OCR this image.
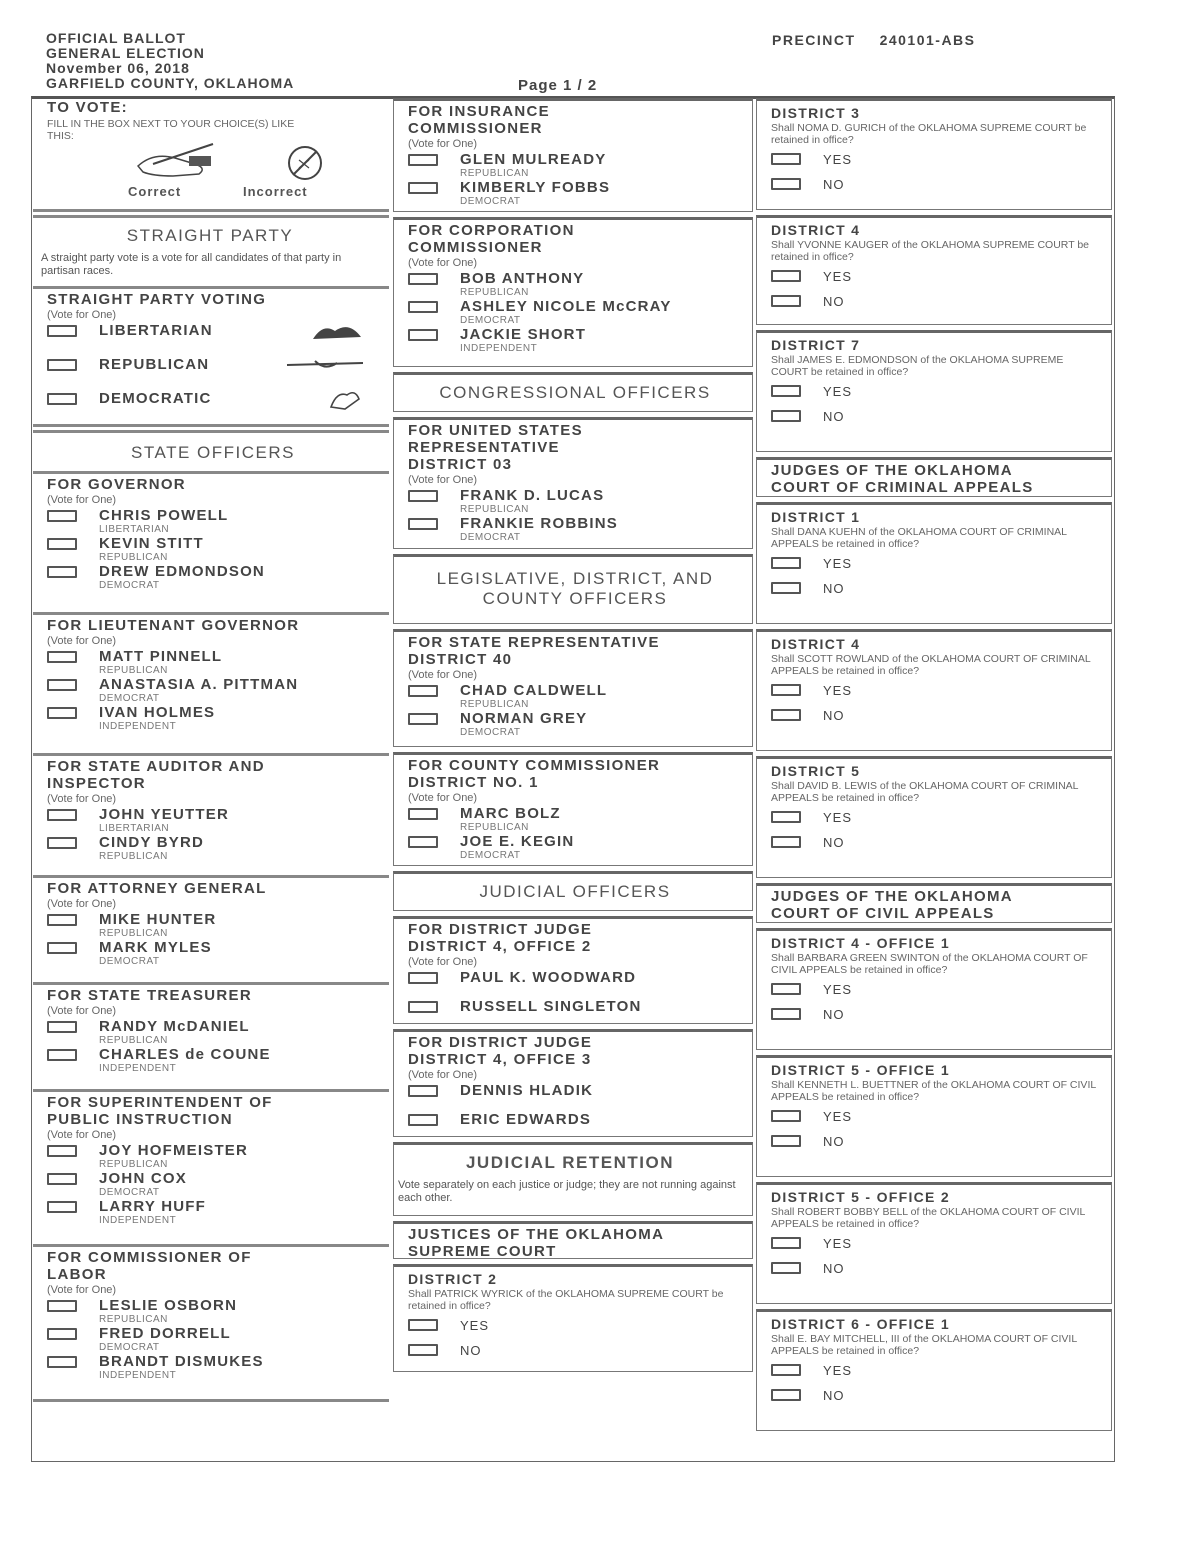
OFFICIAL BALLOT
GENERAL ELECTION
November 06, 2018
GARFIELD COUNTY, OKLAHOMA
PRECINCT 240101-ABS
Page 1 / 2
TO VOTE:
FILL IN THE BOX NEXT TO YOUR CHOICE(S) LIKE THIS:
Correct	Incorrect
STRAIGHT PARTY
A straight party vote is a vote for all candidates of that party in partisan races.
STRAIGHT PARTY VOTING
(Vote for One)
LIBERTARIAN
REPUBLICAN
DEMOCRATIC
STATE OFFICERS
FOR GOVERNOR
(Vote for One)
CHRIS POWELL
LIBERTARIAN
KEVIN STITT
REPUBLICAN
DREW EDMONDSON
DEMOCRAT
FOR LIEUTENANT GOVERNOR
(Vote for One)
MATT PINNELL
REPUBLICAN
ANASTASIA A. PITTMAN
DEMOCRAT
IVAN HOLMES
INDEPENDENT
FOR STATE AUDITOR AND
INSPECTOR
(Vote for One)
JOHN YEUTTER
LIBERTARIAN
CINDY BYRD
REPUBLICAN
FOR ATTORNEY GENERAL
(Vote for One)
MIKE HUNTER
REPUBLICAN
MARK MYLES
DEMOCRAT
FOR STATE TREASURER
(Vote for One)
RANDY McDANIEL
REPUBLICAN
CHARLES de COUNE
INDEPENDENT
FOR SUPERINTENDENT OF
PUBLIC INSTRUCTION
(Vote for One)
JOY HOFMEISTER
REPUBLICAN
JOHN COX
DEMOCRAT
LARRY HUFF
INDEPENDENT
FOR COMMISSIONER OF
LABOR
(Vote for One)
LESLIE OSBORN
REPUBLICAN
FRED DORRELL
DEMOCRAT
BRANDT DISMUKES
INDEPENDENT
FOR INSURANCE
COMMISSIONER
(Vote for One)
GLEN MULREADY
REPUBLICAN
KIMBERLY FOBBS
DEMOCRAT
FOR CORPORATION
COMMISSIONER
(Vote for One)
BOB ANTHONY
REPUBLICAN
ASHLEY NICOLE McCRAY
DEMOCRAT
JACKIE SHORT
INDEPENDENT
CONGRESSIONAL OFFICERS
FOR UNITED STATES
REPRESENTATIVE
DISTRICT 03
(Vote for One)
FRANK D. LUCAS
REPUBLICAN
FRANKIE ROBBINS
DEMOCRAT
LEGISLATIVE, DISTRICT, AND
COUNTY OFFICERS
FOR STATE REPRESENTATIVE
DISTRICT 40
(Vote for One)
CHAD CALDWELL
REPUBLICAN
NORMAN GREY
DEMOCRAT
FOR COUNTY COMMISSIONER
DISTRICT NO. 1
(Vote for One)
MARC BOLZ
REPUBLICAN
JOE E. KEGIN
DEMOCRAT
JUDICIAL OFFICERS
FOR DISTRICT JUDGE
DISTRICT 4, OFFICE 2
(Vote for One)
PAUL K. WOODWARD
RUSSELL SINGLETON
FOR DISTRICT JUDGE
DISTRICT 4, OFFICE 3
(Vote for One)
DENNIS HLADIK
ERIC EDWARDS
JUDICIAL RETENTION
Vote separately on each justice or judge; they are not running against each other.
JUSTICES OF THE OKLAHOMA
SUPREME COURT
DISTRICT 2
Shall PATRICK WYRICK of the OKLAHOMA SUPREME COURT be retained in office?
YES
NO
DISTRICT 3
Shall NOMA D. GURICH of the OKLAHOMA SUPREME COURT be retained in office?
YES
NO
DISTRICT 4
Shall YVONNE KAUGER of the OKLAHOMA SUPREME COURT be retained in office?
YES
NO
DISTRICT 7
Shall JAMES E. EDMONDSON of the OKLAHOMA SUPREME COURT be retained in office?
YES
NO
JUDGES OF THE OKLAHOMA
COURT OF CRIMINAL APPEALS
DISTRICT 1
Shall DANA KUEHN of the OKLAHOMA COURT OF CRIMINAL APPEALS be retained in office?
YES
NO
DISTRICT 4
Shall SCOTT ROWLAND of the OKLAHOMA COURT OF CRIMINAL APPEALS be retained in office?
YES
NO
DISTRICT 5
Shall DAVID B. LEWIS of the OKLAHOMA COURT OF CRIMINAL APPEALS be retained in office?
YES
NO
JUDGES OF THE OKLAHOMA
COURT OF CIVIL APPEALS
DISTRICT 4 - OFFICE 1
Shall BARBARA GREEN SWINTON of the OKLAHOMA COURT OF CIVIL APPEALS be retained in office?
YES
NO
DISTRICT 5 - OFFICE 1
Shall KENNETH L. BUETTNER of the OKLAHOMA COURT OF CIVIL APPEALS be retained in office?
YES
NO
DISTRICT 5 - OFFICE 2
Shall ROBERT BOBBY BELL of the OKLAHOMA COURT OF CIVIL APPEALS be retained in office?
YES
NO
DISTRICT 6 - OFFICE 1
Shall E. BAY MITCHELL, III of the OKLAHOMA COURT OF CIVIL APPEALS be retained in office?
YES
NO
